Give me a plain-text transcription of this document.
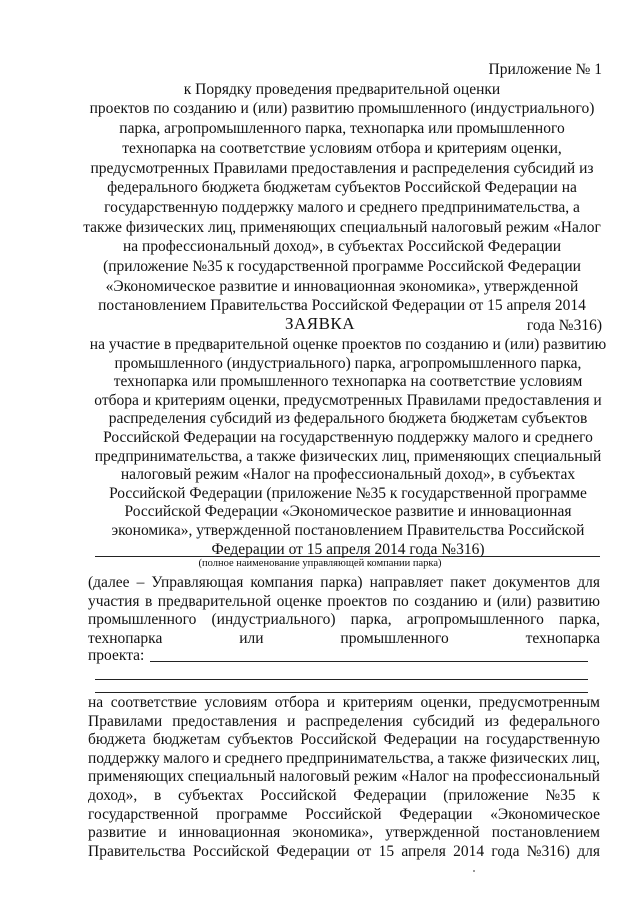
Приложение № 1
к Порядку проведения предварительной оценки
проектов по созданию и (или) развитию промышленного (индустриального)
парка, агропромышленного парка, технопарка или промышленного
технопарка на соответствие условиям отбора и критериям оценки,
предусмотренных Правилами предоставления и распределения субсидий из
федерального бюджета бюджетам субъектов Российской Федерации на
государственную поддержку малого и среднего предпринимательства, а
также физических лиц, применяющих специальный налоговый режим «Налог
на профессиональный доход», в субъектах Российской Федерации
(приложение №35 к государственной программе Российской Федерации
«Экономическое развитие и инновационная экономика», утвержденной
постановлением Правительства Российской Федерации от 15 апреля 2014
года №316)
ЗАЯВКА
на участие в предварительной оценке проектов по созданию и (или) развитию
промышленного (индустриального) парка, агропромышленного парка,
технопарка или промышленного технопарка на соответствие условиям
отбора и критериям оценки, предусмотренных Правилами предоставления и
распределения субсидий из федерального бюджета бюджетам субъектов
Российской Федерации на государственную поддержку малого и среднего
предпринимательства, а также физических лиц, применяющих специальный
налоговый режим «Налог на профессиональный доход», в субъектах
Российской Федерации (приложение №35 к государственной программе
Российской Федерации «Экономическое развитие и инновационная
экономика», утвержденной постановлением Правительства Российской
Федерации от 15 апреля 2014 года №316)
(полное наименование управляющей компании парка)
(далее – Управляющая компания парка) направляет пакет документов для
участия в предварительной оценке проектов по созданию и (или) развитию
промышленного (индустриального) парка, агропромышленного парка,
технопарка	или	промышленного	технопарка
проекта:
на соответствие условиям отбора и критериям оценки, предусмотренным
Правилами предоставления и распределения субсидий из федерального
бюджета бюджетам субъектов Российской Федерации на государственную
поддержку малого и среднего предпринимательства, а также физических лиц,
применяющих специальный налоговый режим «Налог на профессиональный
доход», в субъектах Российской Федерации (приложение №35 к
государственной программе Российской Федерации «Экономическое
развитие и инновационная экономика», утвержденной постановлением
Правительства Российской Федерации от 15 апреля 2014 года №316) для
